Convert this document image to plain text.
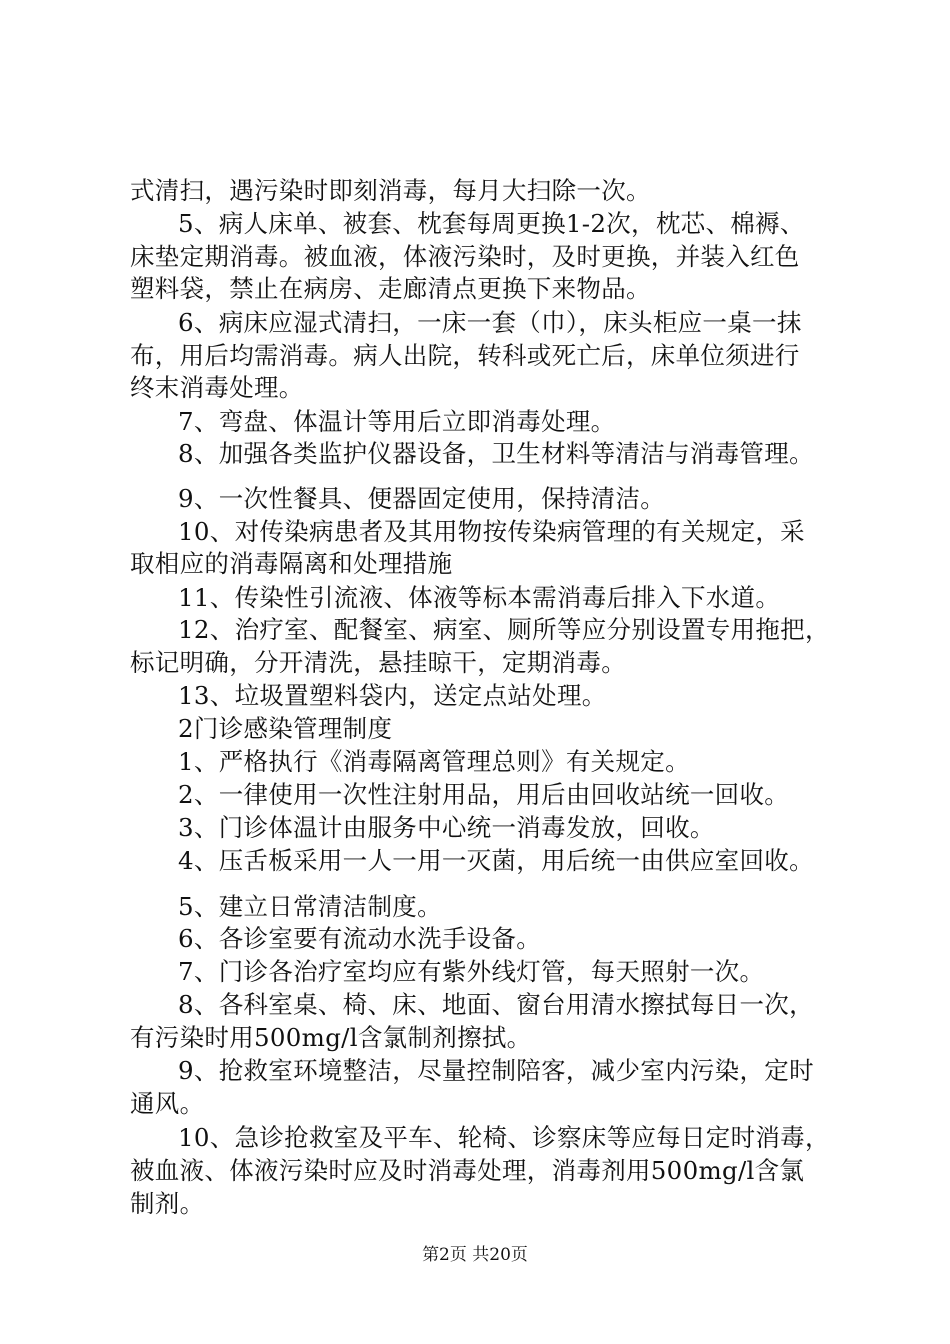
式清扫，遇污染时即刻消毒，每月大扫除一次。
5、病人床单、被套、枕套每周更换1-2次，枕芯、棉褥、
床垫定期消毒。被血液，体液污染时，及时更换，并装入红色
塑料袋，禁止在病房、走廊清点更换下来物品。
6、病床应湿式清扫，一床一套（巾），床头柜应一桌一抹
布，用后均需消毒。病人出院，转科或死亡后，床单位须进行
终末消毒处理。
7、弯盘、体温计等用后立即消毒处理。
8、加强各类监护仪器设备，卫生材料等清洁与消毒管理。
9、一次性餐具、便器固定使用，保持清洁。
10、对传染病患者及其用物按传染病管理的有关规定，采
取相应的消毒隔离和处理措施
11、传染性引流液、体液等标本需消毒后排入下水道。
12、治疗室、配餐室、病室、厕所等应分别设置专用拖把，
标记明确，分开清洗，悬挂晾干，定期消毒。
13、垃圾置塑料袋内，送定点站处理。
2门诊感染管理制度
1、严格执行《消毒隔离管理总则》有关规定。
2、一律使用一次性注射用品，用后由回收站统一回收。
3、门诊体温计由服务中心统一消毒发放，回收。
4、压舌板采用一人一用一灭菌，用后统一由供应室回收。
5、建立日常清洁制度。
6、各诊室要有流动水洗手设备。
7、门诊各治疗室均应有紫外线灯管，每天照射一次。
8、各科室桌、椅、床、地面、窗台用清水擦拭每日一次，
有污染时用500mg/l含氯制剂擦拭。
9、抢救室环境整洁，尽量控制陪客，减少室内污染，定时
通风。
10、急诊抢救室及平车、轮椅、诊察床等应每日定时消毒，
被血液、体液污染时应及时消毒处理，消毒剂用500mg/l含氯
制剂。
第2页 共20页
